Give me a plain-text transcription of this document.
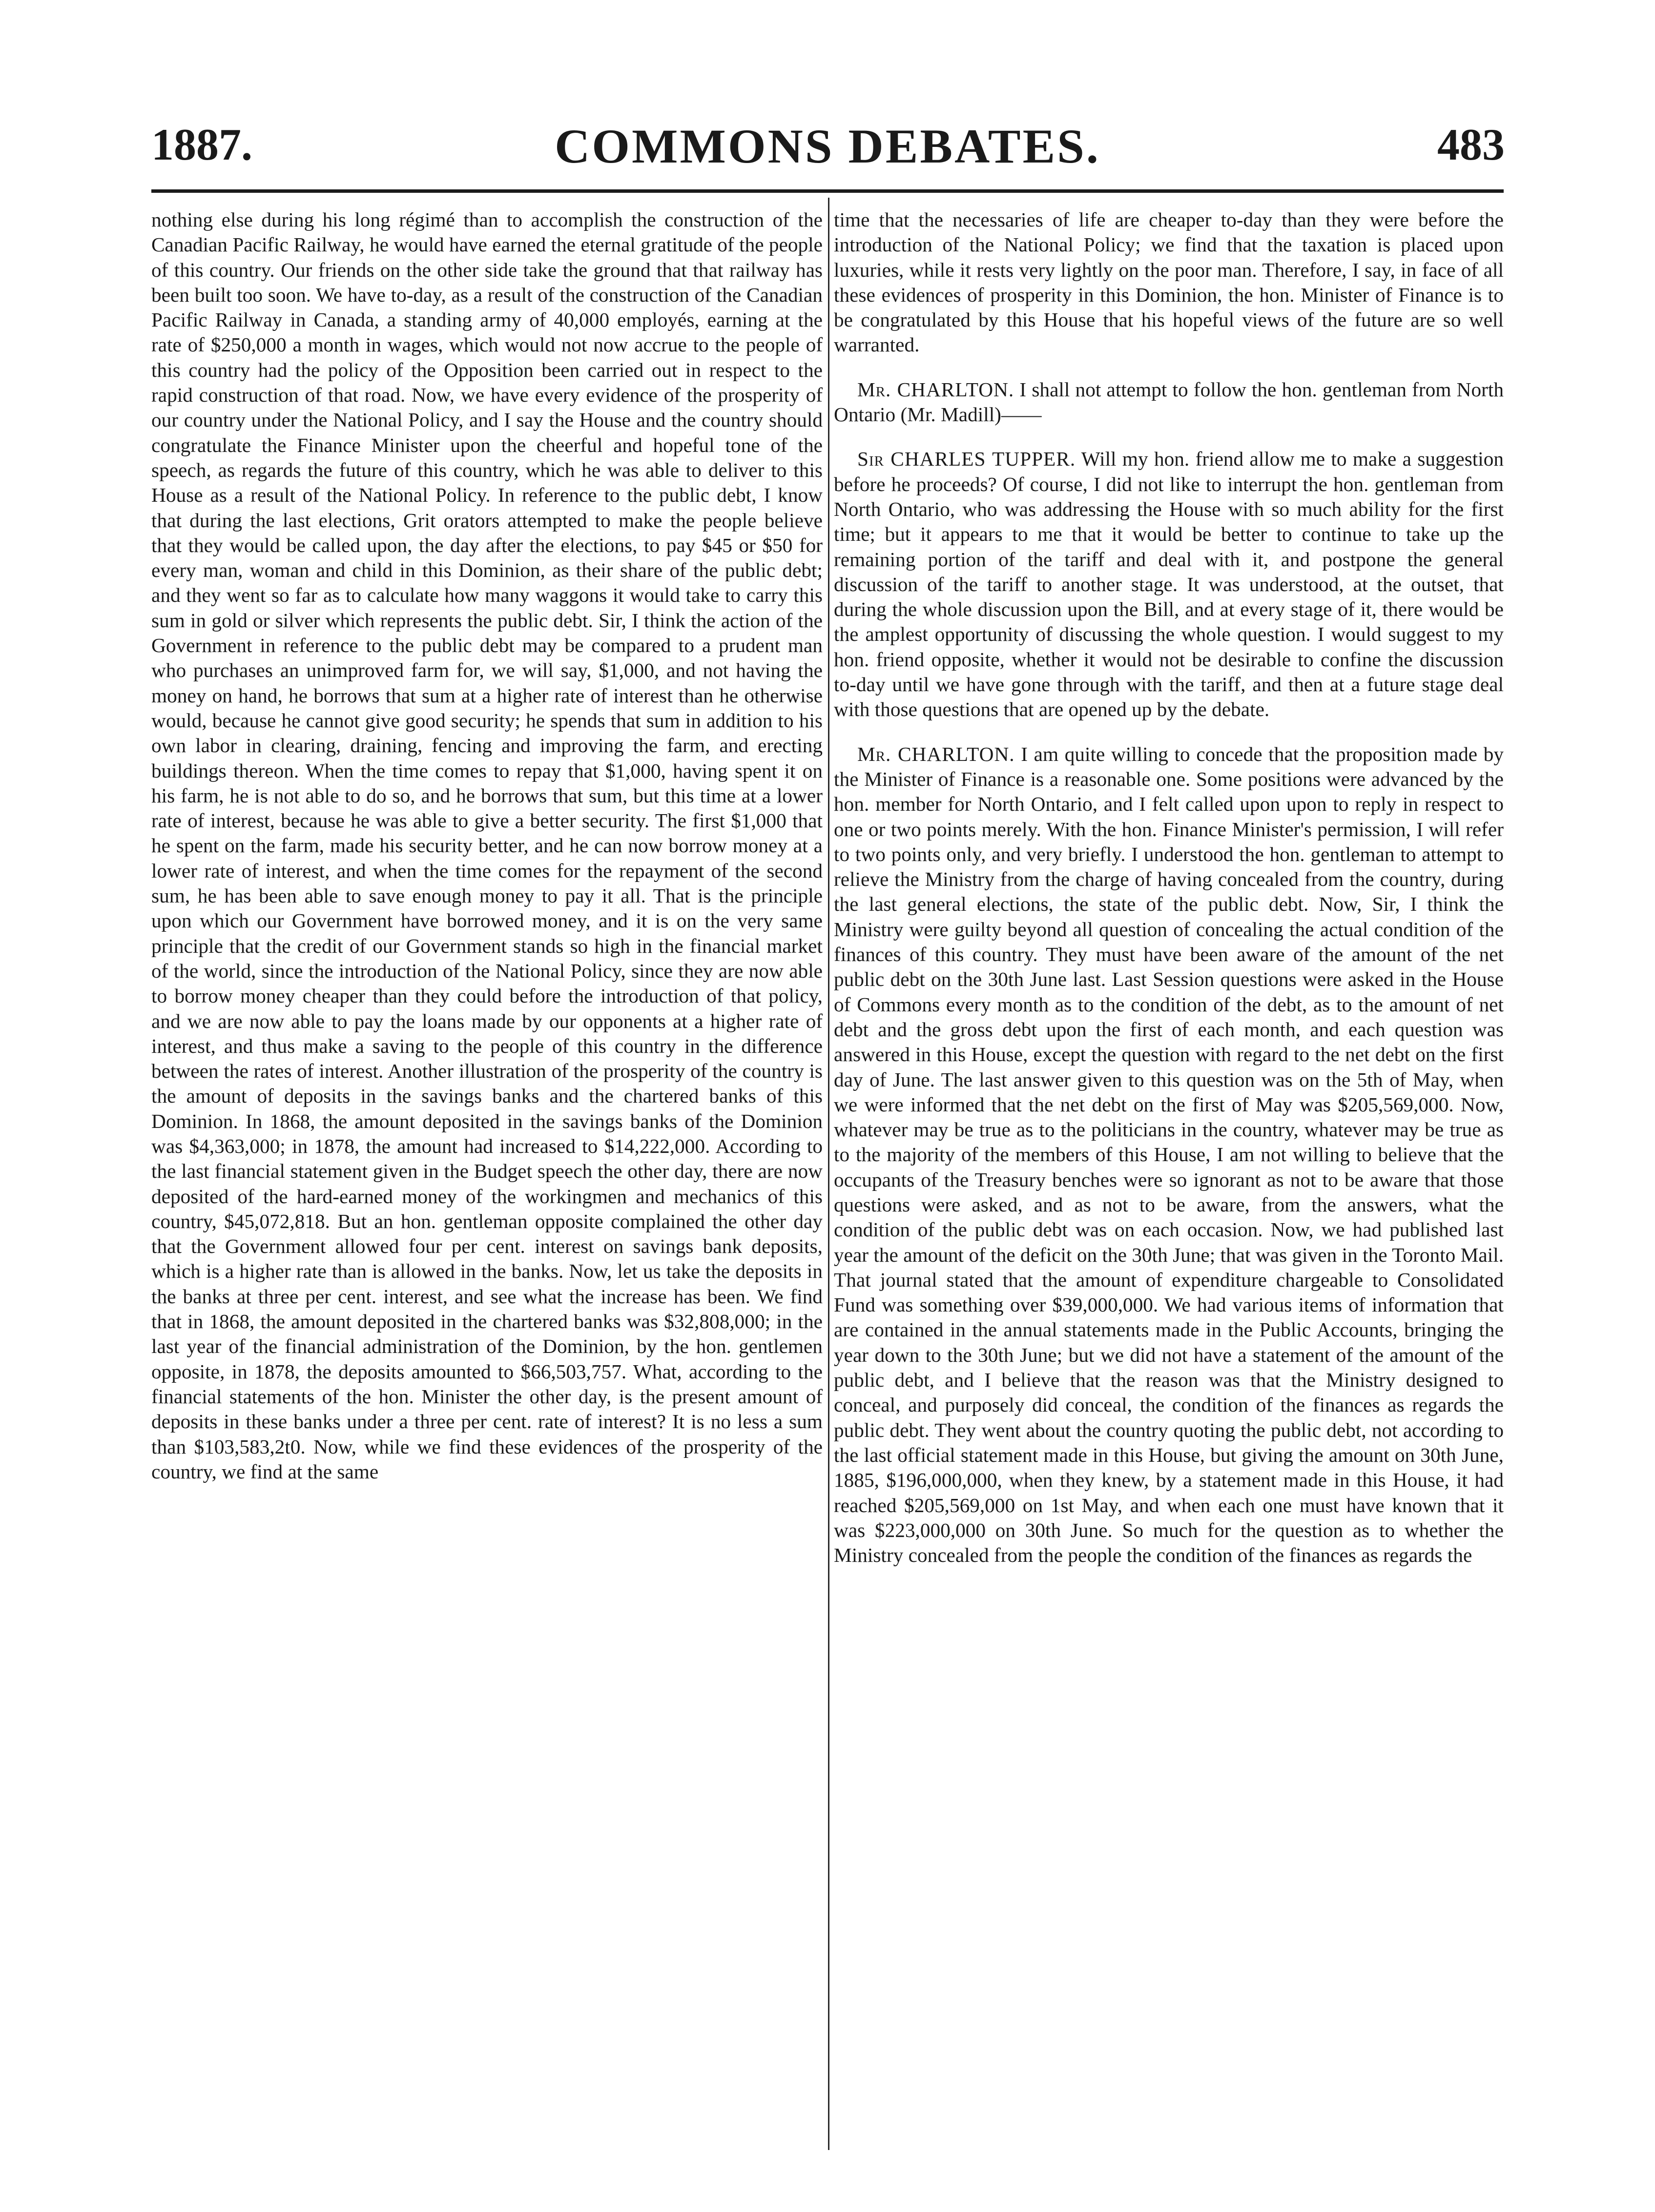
1887.	COMMONS DEBATES.	483

nothing else during his long régimé than to accomplish the construction of the Canadian Pacific Railway, he would have earned the eternal gratitude of the people of this country. Our friends on the other side take the ground that that railway has been built too soon. We have to-day, as a result of the construction of the Canadian Pacific Railway in Canada, a standing army of 40,000 employés, earning at the rate of $250,000 a month in wages, which would not now accrue to the people of this country had the policy of the Opposition been carried out in respect to the rapid construction of that road. Now, we have every evidence of the prosperity of our country under the National Policy, and I say the House and the country should congratulate the Finance Minister upon the cheerful and hopeful tone of the speech, as regards the future of this country, which he was able to deliver to this House as a result of the National Policy. In reference to the public debt, I know that during the last elections, Grit orators attempted to make the people believe that they would be called upon, the day after the elections, to pay $45 or $50 for every man, woman and child in this Dominion, as their share of the public debt; and they went so far as to calculate how many waggons it would take to carry this sum in gold or silver which represents the public debt. Sir, I think the action of the Government in reference to the public debt may be compared to a prudent man who purchases an unimproved farm for, we will say, $1,000, and not having the money on hand, he borrows that sum at a higher rate of interest than he otherwise would, because he cannot give good security; he spends that sum in addition to his own labor in clearing, draining, fencing and improving the farm, and erecting buildings thereon. When the time comes to repay that $1,000, having spent it on his farm, he is not able to do so, and he borrows that sum, but this time at a lower rate of interest, because he was able to give a better security. The first $1,000 that he spent on the farm, made his security better, and he can now borrow money at a lower rate of interest, and when the time comes for the repayment of the second sum, he has been able to save enough money to pay it all. That is the principle upon which our Government have borrowed money, and it is on the very same principle that the credit of our Government stands so high in the financial market of the world, since the introduction of the National Policy, since they are now able to borrow money cheaper than they could before the introduction of that policy, and we are now able to pay the loans made by our opponents at a higher rate of interest, and thus make a saving to the people of this country in the difference between the rates of interest. Another illustration of the prosperity of the country is the amount of deposits in the savings banks and the chartered banks of this Dominion. In 1868, the amount deposited in the savings banks of the Dominion was $4,363,000; in 1878, the amount had increased to $14,222,000. According to the last financial statement given in the Budget speech the other day, there are now deposited of the hard-earned money of the workingmen and mechanics of this country, $45,072,818. But an hon. gentleman opposite complained the other day that the Government allowed four per cent. interest on savings bank deposits, which is a higher rate than is allowed in the banks. Now, let us take the deposits in the banks at three per cent. interest, and see what the increase has been. We find that in 1868, the amount deposited in the chartered banks was $32,808,000; in the last year of the financial administration of the Dominion, by the hon. gentlemen opposite, in 1878, the deposits amounted to $66,503,757. What, according to the financial statements of the hon. Minister the other day, is the present amount of deposits in these banks under a three per cent. rate of interest? It is no less a sum than $103,583,2t0. Now, while we find these evidences of the prosperity of the country, we find at the same

time that the necessaries of life are cheaper to-day than they were before the introduction of the National Policy; we find that the taxation is placed upon luxuries, while it rests very lightly on the poor man. Therefore, I say, in face of all these evidences of prosperity in this Dominion, the hon. Minister of Finance is to be congratulated by this House that his hopeful views of the future are so well warranted.

Mr. CHARLTON. I shall not attempt to follow the hon. gentleman from North Ontario (Mr. Madill)——

Sir CHARLES TUPPER. Will my hon. friend allow me to make a suggestion before he proceeds? Of course, I did not like to interrupt the hon. gentleman from North Ontario, who was addressing the House with so much ability for the first time; but it appears to me that it would be better to continue to take up the remaining portion of the tariff and deal with it, and postpone the general discussion of the tariff to another stage. It was understood, at the outset, that during the whole discussion upon the Bill, and at every stage of it, there would be the amplest opportunity of discussing the whole question. I would suggest to my hon. friend opposite, whether it would not be desirable to confine the discussion to-day until we have gone through with the tariff, and then at a future stage deal with those questions that are opened up by the debate.

Mr. CHARLTON. I am quite willing to concede that the proposition made by the Minister of Finance is a reasonable one. Some positions were advanced by the hon. member for North Ontario, and I felt called upon upon to reply in respect to one or two points merely. With the hon. Finance Minister's permission, I will refer to two points only, and very briefly. I understood the hon. gentleman to attempt to relieve the Ministry from the charge of having concealed from the country, during the last general elections, the state of the public debt. Now, Sir, I think the Ministry were guilty beyond all question of concealing the actual condition of the finances of this country. They must have been aware of the amount of the net public debt on the 30th June last. Last Session questions were asked in the House of Commons every month as to the condition of the debt, as to the amount of net debt and the gross debt upon the first of each month, and each question was answered in this House, except the question with regard to the net debt on the first day of June. The last answer given to this question was on the 5th of May, when we were informed that the net debt on the first of May was $205,569,000. Now, whatever may be true as to the politicians in the country, whatever may be true as to the majority of the members of this House, I am not willing to believe that the occupants of the Treasury benches were so ignorant as not to be aware that those questions were asked, and as not to be aware, from the answers, what the condition of the public debt was on each occasion. Now, we had published last year the amount of the deficit on the 30th June; that was given in the Toronto Mail. That journal stated that the amount of expenditure chargeable to Consolidated Fund was something over $39,000,000. We had various items of information that are contained in the annual statements made in the Public Accounts, bringing the year down to the 30th June; but we did not have a statement of the amount of the public debt, and I believe that the reason was that the Ministry designed to conceal, and purposely did conceal, the condition of the finances as regards the public debt. They went about the country quoting the public debt, not according to the last official statement made in this House, but giving the amount on 30th June, 1885, $196,000,000, when they knew, by a statement made in this House, it had reached $205,569,000 on 1st May, and when each one must have known that it was $223,000,000 on 30th June. So much for the question as to whether the Ministry concealed from the people the condition of the finances as regards the
